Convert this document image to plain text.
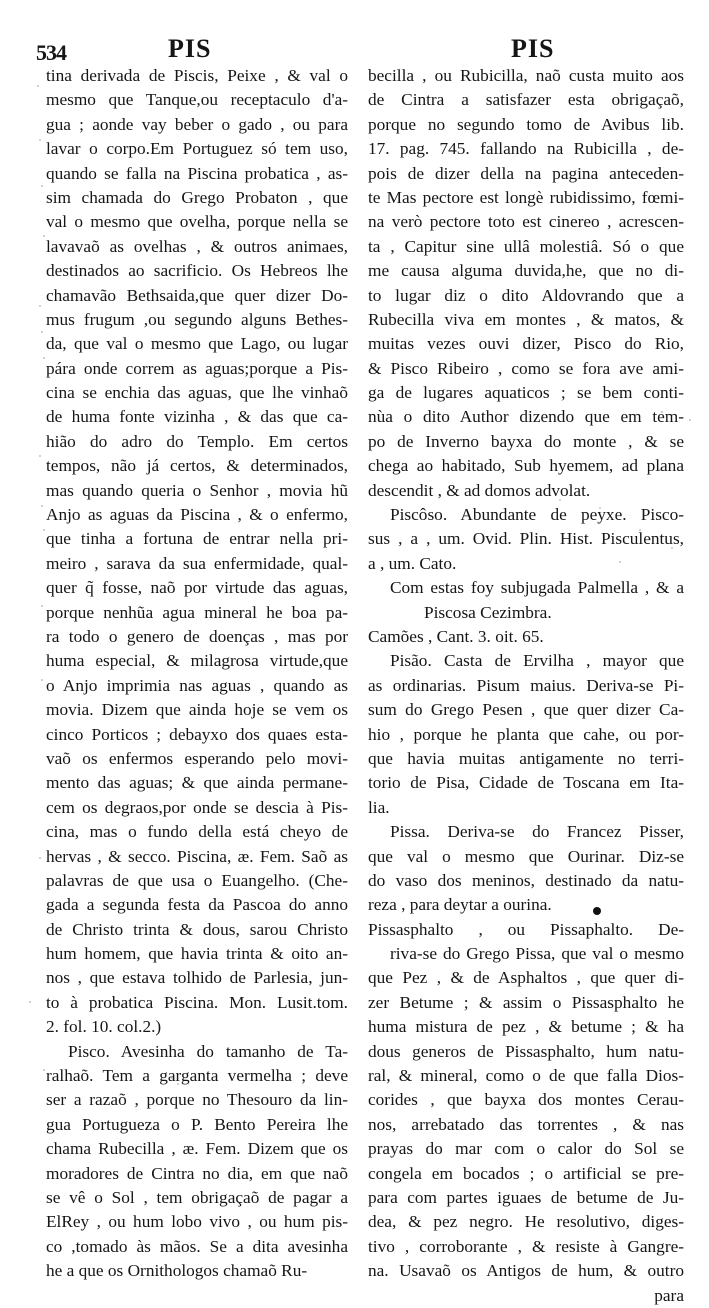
534	PIS	PIS
tina derivada de Piscis, Peixe , & val o
mesmo que Tanque,ou receptaculo d'a-
gua ; aonde vay beber o gado , ou para
lavar o corpo.Em Portuguez só tem uso,
quando se falla na Piscina probatica , as-
sim chamada do Grego Probaton , que
val o mesmo que ovelha, porque nella se
lavavaõ as ovelhas , & outros animaes,
destinados ao sacrificio. Os Hebreos lhe
chamavão Bethsaida,que quer dizer Do-
mus frugum ,ou segundo alguns Bethes-
da, que val o mesmo que Lago, ou lugar
pára onde correm as aguas;porque a Pis-
cina se enchia das aguas, que lhe vinhaõ
de huma fonte vizinha , & das que ca-
hião do adro do Templo. Em certos
tempos, não já certos, & determinados,
mas quando queria o Senhor , movia hũ
Anjo as aguas da Piscina , & o enfermo,
que tinha a fortuna de entrar nella pri-
meiro , sarava da sua enfermidade, qual-
quer q̃ fosse, naõ por virtude das aguas,
porque nenhũa agua mineral he boa pa-
ra todo o genero de doenças , mas por
huma especial, & milagrosa virtude,que
o Anjo imprimia nas aguas , quando as
movia. Dizem que ainda hoje se vem os
cinco Porticos ; debayxo dos quaes esta-
vaõ os enfermos esperando pelo movi-
mento das aguas; & que ainda permane-
cem os degraos,por onde se descia à Pis-
cina, mas o fundo della está cheyo de
hervas , & secco. Piscina, æ. Fem. Saõ as
palavras de que usa o Euangelho. (Che-
gada a segunda festa da Pascoa do anno
de Christo trinta & dous, sarou Christo
hum homem, que havia trinta & oito an-
nos , que estava tolhido de Parlesia, jun-
to à probatica Piscina. Mon. Lusit.tom.
2. fol. 10. col.2.)
Pisco. Avesinha do tamanho de Ta-
ralhaõ. Tem a garganta vermelha ; deve
ser a razaõ , porque no Thesouro da lin-
gua Portugueza o P. Bento Pereira lhe
chama Rubecilla , æ. Fem. Dizem que os
moradores de Cintra no dia, em que naõ
se vê o Sol , tem obrigaçaõ de pagar a
ElRey , ou hum lobo vivo , ou hum pis-
co ,tomado às mãos. Se a dita avesinha
he a que os Ornithologos chamaõ Ru-
becilla , ou Rubicilla, naõ custa muito aos
de Cintra a satisfazer esta obrigaçaõ,
porque no segundo tomo de Avibus lib.
17. pag. 745. fallando na Rubicilla , de-
pois de dizer della na pagina anteceden-
te Mas pectore est longè rubidissimo, fœmi-
na verò pectore toto est cinereo , acrescen-
ta , Capitur sine ullâ molestiâ. Só o que
me causa alguma duvida,he, que no di-
to lugar diz o dito Aldovrando que a
Rubecilla viva em montes , & matos, &
muitas vezes ouvi dizer, Pisco do Rio,
& Pisco Ribeiro , como se fora ave ami-
ga de lugares aquaticos ; se bem conti-
nùa o dito Author dizendo que em tem-
po de Inverno bayxa do monte , & se
chega ao habitado, Sub hyemem, ad plana
descendit , & ad domos advolat.
Piscôso. Abundante de peyxe. Pisco-
sus , a , um. Ovid. Plin. Hist. Pisculentus,
a , um. Cato.
Com estas foy subjugada Palmella , & a
Piscosa Cezimbra.
Camões , Cant. 3. oit. 65.
Pisão. Casta de Ervilha , mayor que
as ordinarias. Pisum maius. Deriva-se Pi-
sum do Grego Pesen , que quer dizer Ca-
hio , porque he planta que cahe, ou por-
que havia muitas antigamente no terri-
torio de Pisa, Cidade de Toscana em Ita-
lia.
Pissa. Deriva-se do Francez Pisser,
que val o mesmo que Ourinar. Diz-se
do vaso dos meninos, destinado da natu-
reza , para deytar a ourina.
Pissasphalto , ou Pissaphalto. De-
riva-se do Grego Pissa, que val o mesmo
que Pez , & de Asphaltos , que quer di-
zer Betume ; & assim o Pissasphalto he
huma mistura de pez , & betume ; & ha
dous generos de Pissasphalto, hum natu-
ral, & mineral, como o de que falla Dios-
corides , que bayxa dos montes Cerau-
nos, arrebatado das torrentes , & nas
prayas do mar com o calor do Sol se
congela em bocados ; o artificial se pre-
para com partes iguaes de betume de Ju-
dea, & pez negro. He resolutivo, diges-
tivo , corroborante , & resiste à Gangre-
na. Usavaõ os Antigos de hum, & outro
para
